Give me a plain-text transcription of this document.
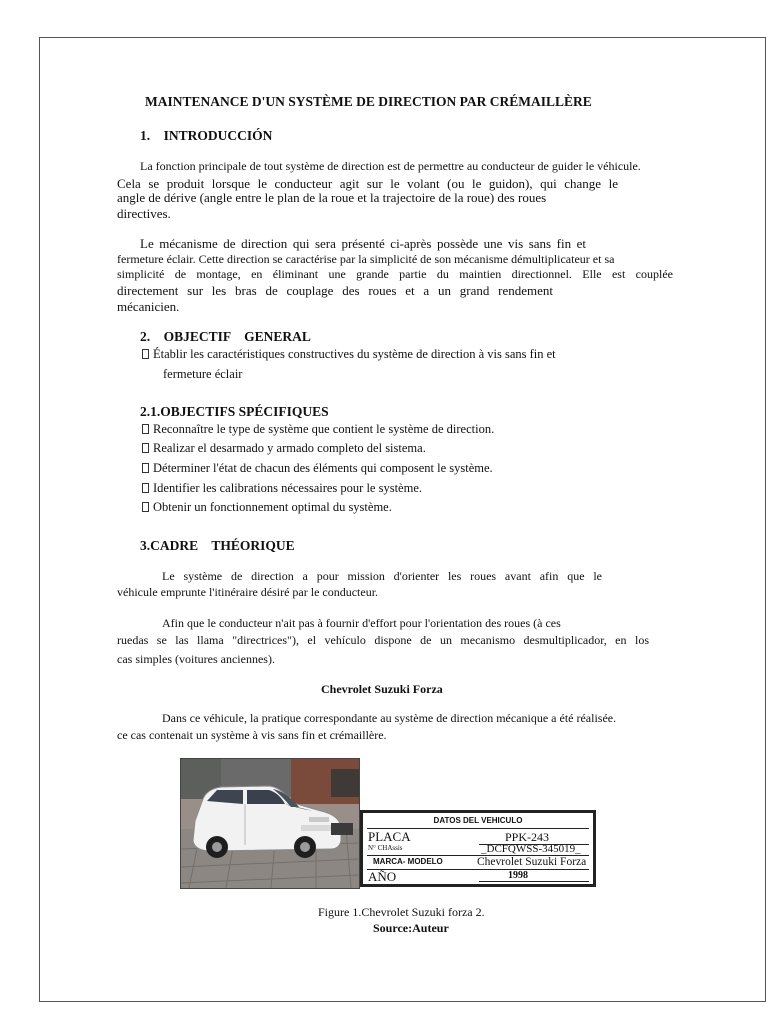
MAINTENANCE D'UN SYSTÈME DE DIRECTION PAR CRÉMAILLÈRE
1.    INTRODUCCIÓN
La fonction principale de tout système de direction est de permettre au conducteur de guider le véhicule.
Cela se produit lorsque le conducteur agit sur le volant (ou le guidon), qui change le
angle de dérive (angle entre le plan de la roue et la trajectoire de la roue) des roues
directives.
Le mécanisme de direction qui sera présenté ci-après possède une vis sans fin et
fermeture éclair. Cette direction se caractérise par la simplicité de son mécanisme démultiplicateur et sa
simplicité de montage, en éliminant une grande partie du maintien directionnel. Elle est couplée
directement sur les bras de couplage des roues et a un grand rendement
mécanicien.
2.    OBJECTIF    GENERAL
Établir les caractéristiques constructives du système de direction à vis sans fin et
fermeture éclair
2.1.OBJECTIFS SPÉCIFIQUES
Reconnaître le type de système que contient le système de direction.
Realizar el desarmado y armado completo del sistema.
Déterminer l'état de chacun des éléments qui composent le système.
Identifier les calibrations nécessaires pour le système.
Obtenir un fonctionnement optimal du système.
3.CADRE    THÉORIQUE
Le système de direction a pour mission d'orienter les roues avant afin que le
véhicule emprunte l'itinéraire désiré par le conducteur.
Afin que le conducteur n'ait pas à fournir d'effort pour l'orientation des roues (à ces
ruedas se las llama "directrices"), el vehículo dispone de un mecanismo desmultiplicador, en los
cas simples (voitures anciennes).
Chevrolet Suzuki Forza
Dans ce véhicule, la pratique correspondante au système de direction mécanique a été réalisée.
ce cas contenait un système à vis sans fin et crémaillère.
DATOS DEL VEHICULO
PLACA	PPK-243
N° CHAssis	_DCFQWSS-345019_
MARCA- MODELO	Chevrolet Suzuki Forza
AÑO	1998
Figure 1.Chevrolet Suzuki forza 2.
Source:Auteur
